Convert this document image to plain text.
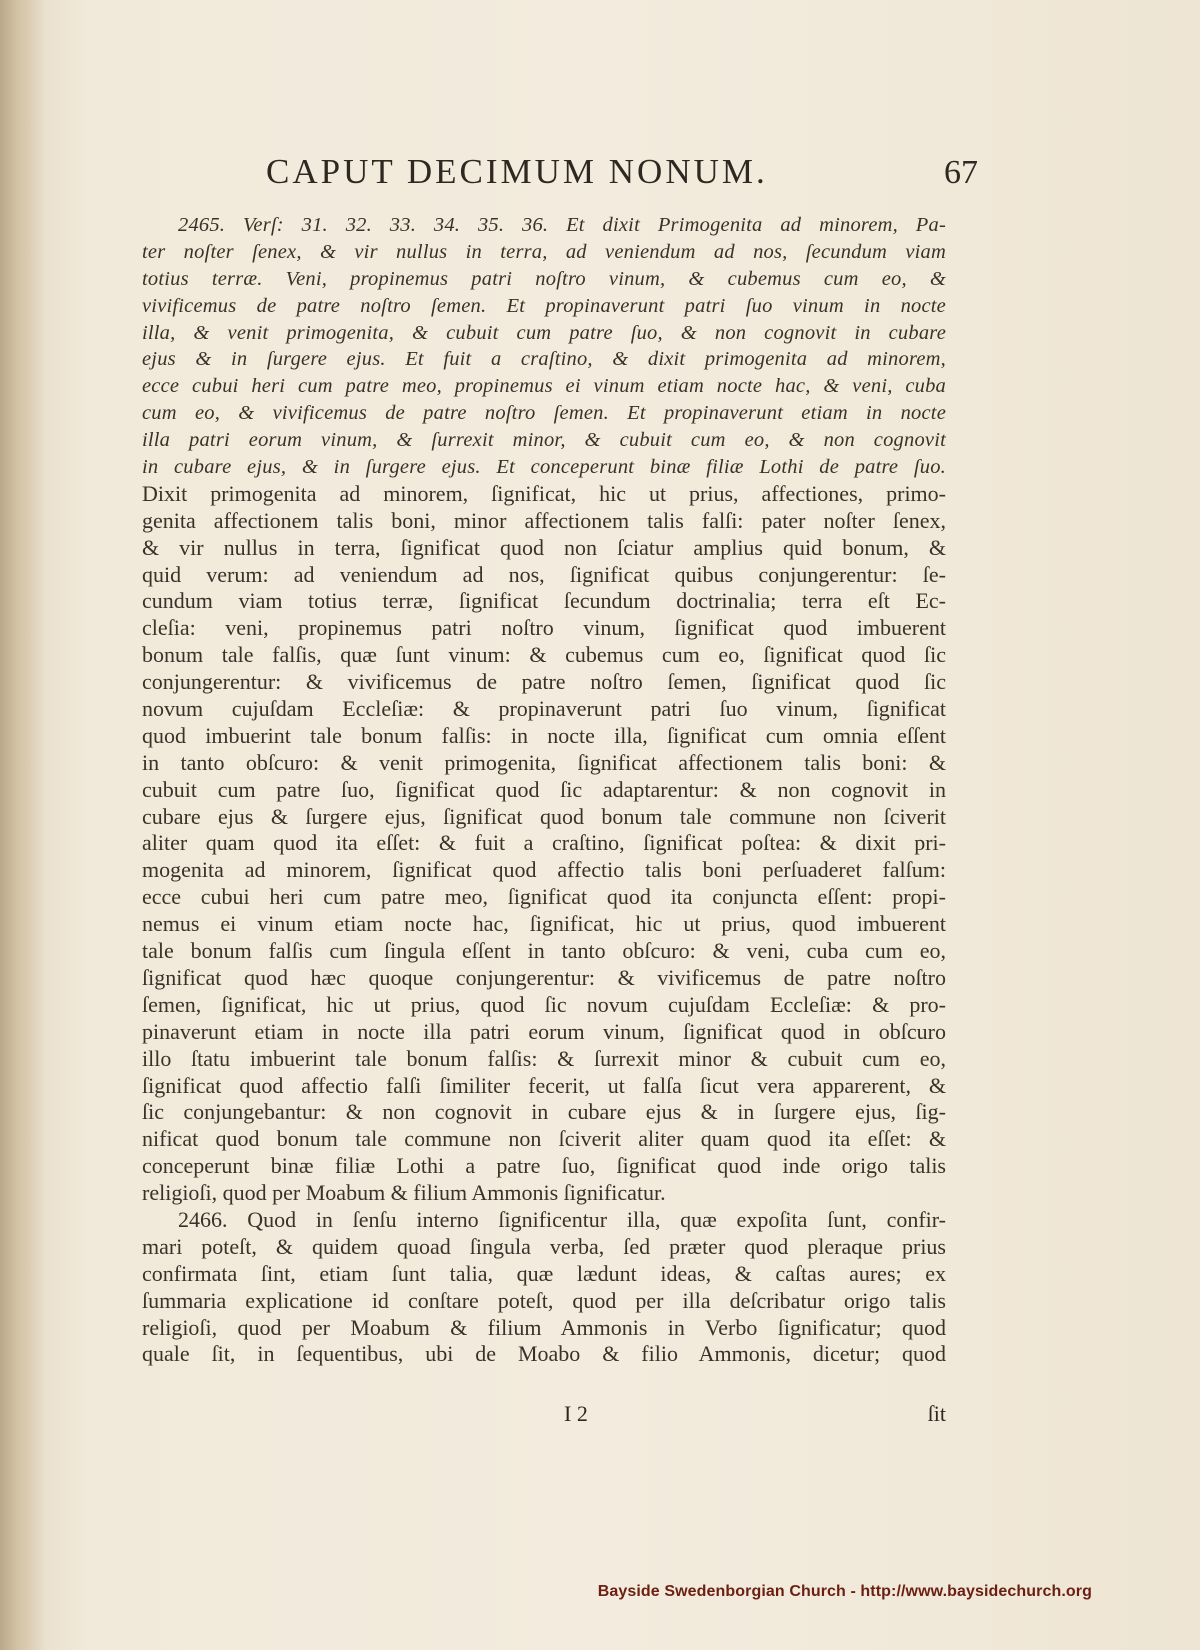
CAPUT DECIMUM NONUM.	67
2465. Verſ: 31. 32. 33. 34. 35. 36. Et dixit Primogenita ad minorem, Pa-
ter noſter ſenex, & vir nullus in terra, ad veniendum ad nos, ſecundum viam
totius terræ. Veni, propinemus patri noſtro vinum, & cubemus cum eo, &
vivificemus de patre noſtro ſemen. Et propinaverunt patri ſuo vinum in nocte
illa, & venit primogenita, & cubuit cum patre ſuo, & non cognovit in cubare
ejus & in ſurgere ejus. Et fuit a craſtino, & dixit primogenita ad minorem,
ecce cubui heri cum patre meo, propinemus ei vinum etiam nocte hac, & veni, cuba
cum eo, & vivificemus de patre noſtro ſemen. Et propinaverunt etiam in nocte
illa patri eorum vinum, & ſurrexit minor, & cubuit cum eo, & non cognovit
in cubare ejus, & in ſurgere ejus. Et conceperunt binæ filiæ Lothi de patre ſuo.
Dixit primogenita ad minorem, ſignificat, hic ut prius, affectiones, primo-
genita affectionem talis boni, minor affectionem talis falſi: pater noſter ſenex,
& vir nullus in terra, ſignificat quod non ſciatur amplius quid bonum, &
quid verum: ad veniendum ad nos, ſignificat quibus conjungerentur: ſe-
cundum viam totius terræ, ſignificat ſecundum doctrinalia; terra eſt Ec-
cleſia: veni, propinemus patri noſtro vinum, ſignificat quod imbuerent
bonum tale falſis, quæ ſunt vinum: & cubemus cum eo, ſignificat quod ſic
conjungerentur: & vivificemus de patre noſtro ſemen, ſignificat quod ſic
novum cujuſdam Eccleſiæ: & propinaverunt patri ſuo vinum, ſignificat
quod imbuerint tale bonum falſis: in nocte illa, ſignificat cum omnia eſſent
in tanto obſcuro: & venit primogenita, ſignificat affectionem talis boni: &
cubuit cum patre ſuo, ſignificat quod ſic adaptarentur: & non cognovit in
cubare ejus & ſurgere ejus, ſignificat quod bonum tale commune non ſciverit
aliter quam quod ita eſſet: & fuit a craſtino, ſignificat poſtea: & dixit pri-
mogenita ad minorem, ſignificat quod affectio talis boni perſuaderet falſum:
ecce cubui heri cum patre meo, ſignificat quod ita conjuncta eſſent: propi-
nemus ei vinum etiam nocte hac, ſignificat, hic ut prius, quod imbuerent
tale bonum falſis cum ſingula eſſent in tanto obſcuro: & veni, cuba cum eo,
ſignificat quod hæc quoque conjungerentur: & vivificemus de patre noſtro
ſemen, ſignificat, hic ut prius, quod ſic novum cujuſdam Eccleſiæ: & pro-
pinaverunt etiam in nocte illa patri eorum vinum, ſignificat quod in obſcuro
illo ſtatu imbuerint tale bonum falſis: & ſurrexit minor & cubuit cum eo,
ſignificat quod affectio falſi ſimiliter fecerit, ut falſa ſicut vera apparerent, &
ſic conjungebantur: & non cognovit in cubare ejus & in ſurgere ejus, ſig-
nificat quod bonum tale commune non ſciverit aliter quam quod ita eſſet: &
conceperunt binæ filiæ Lothi a patre ſuo, ſignificat quod inde origo talis
religioſi, quod per Moabum & filium Ammonis ſignificatur.
2466. Quod in ſenſu interno ſignificentur illa, quæ expoſita ſunt, confir-
mari poteſt, & quidem quoad ſingula verba, ſed præter quod pleraque prius
confirmata ſint, etiam ſunt talia, quæ lædunt ideas, & caſtas aures; ex
ſummaria explicatione id conſtare poteſt, quod per illa deſcribatur origo talis
religioſi, quod per Moabum & filium Ammonis in Verbo ſignificatur; quod
quale ſit, in ſequentibus, ubi de Moabo & filio Ammonis, dicetur; quod
I 2	ſit
Bayside Swedenborgian Church - http://www.baysidechurch.org
